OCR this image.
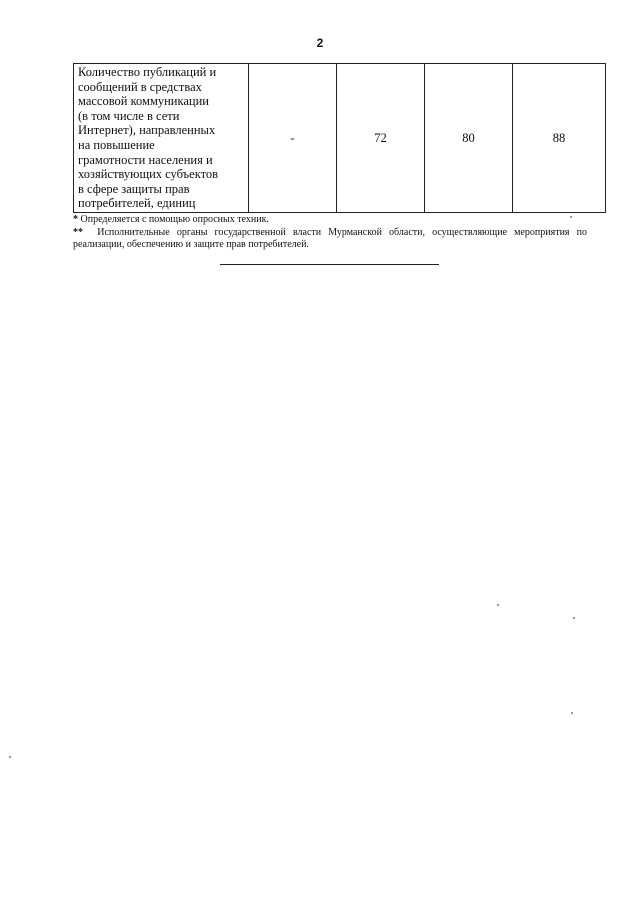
2
Количество публикаций и
сообщений в средствах
массовой коммуникации
(в том числе в сети
Интернет), направленных
на повышение
грамотности населения и
хозяйствующих субъектов
в сфере защиты прав
потребителей, единиц
	-	72	80	88

* Определяется с помощью опросных техник.

** Исполнительные органы государственной власти Мурманской области, осуществляющие мероприятия по реализации, обеспечению и защите прав потребителей.
